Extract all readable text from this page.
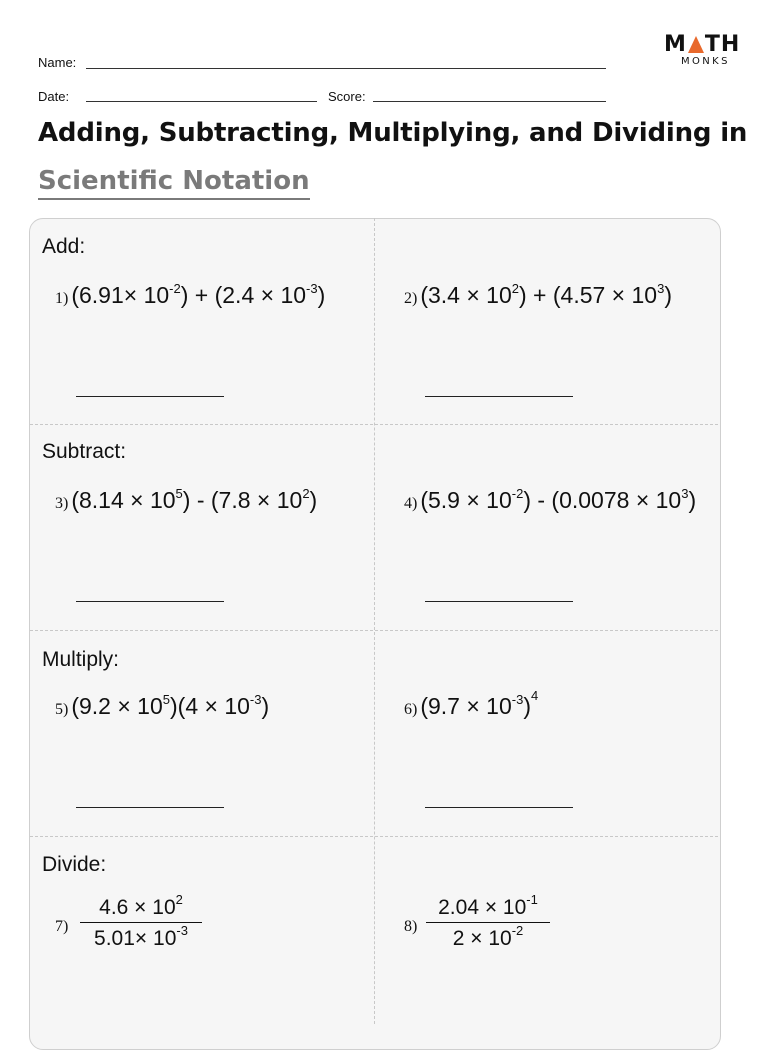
Name:
Date:	Score:
M TH
MONKS
Adding, Subtracting, Multiplying, and Dividing in
Scientific Notation
Add:
Subtract:
Multiply:
Divide:
1) $(6.91\times 10^{-2}) + (2.4 \times 10^{-3})$	2) $(3.4 \times 10^2) + (4.57 \times 10^3)$
3) $(8.14 \times 10^5) - (7.8 \times 10^2)$	4) $(5.9 \times 10^{-2}) - (0.0078 \times 10^3)$
5) $(9.2 \times 10^5)(4 \times 10^{-3})$	6) $(9.7 \times 10^{-3})^4$
7)
$4.6 \times 10^2$
$5.01\times 10^{-3}$	8)
$2.04 \times 10^{-1}$
$2 \times 10^{-2}$
